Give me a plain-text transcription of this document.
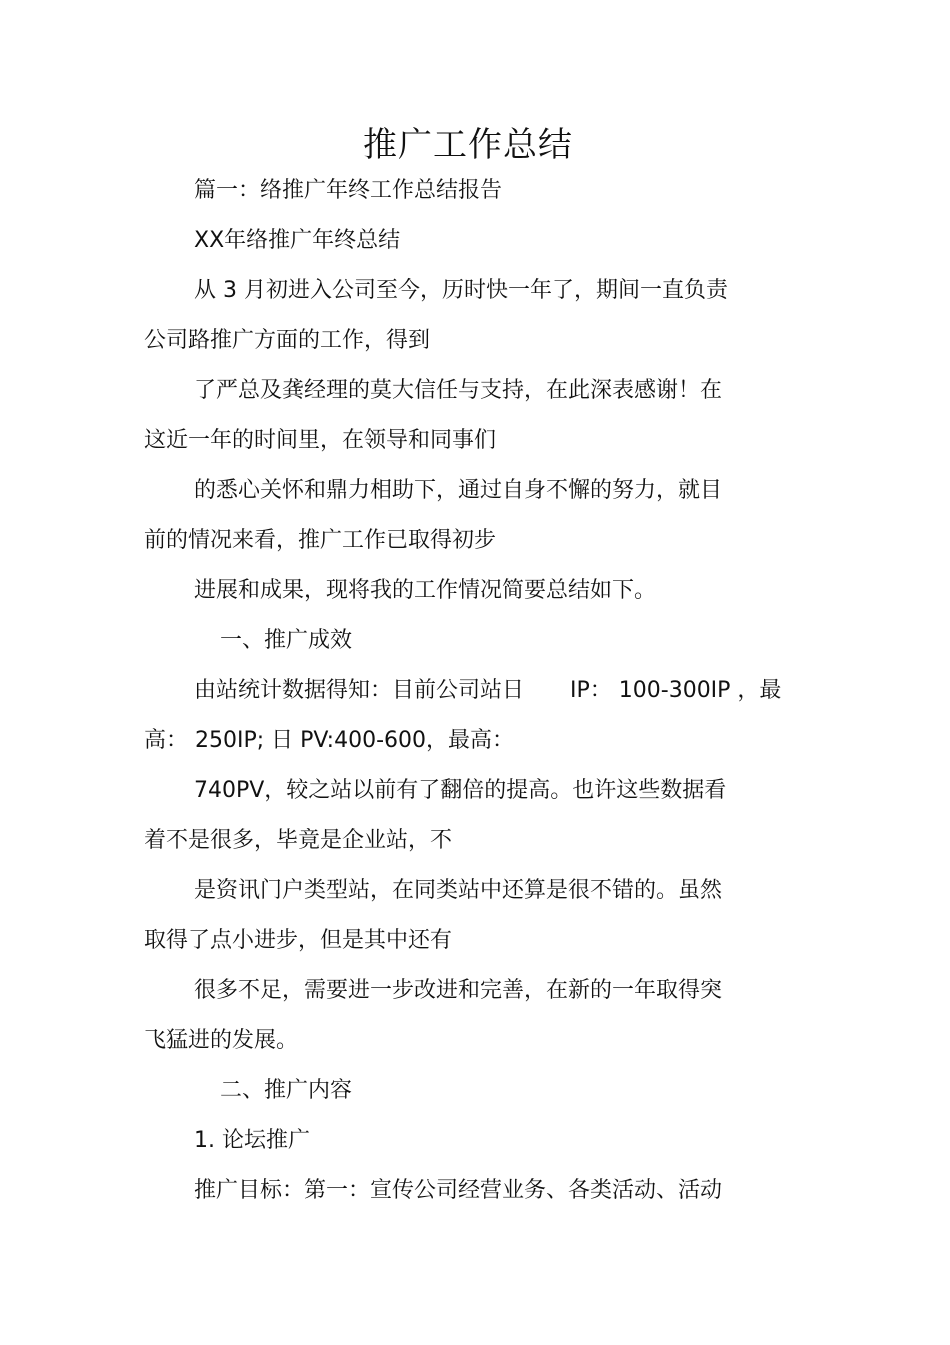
推广工作总结

篇一：络推广年终工作总结报告

XX年络推广年终总结

从 3 月初进入公司至今，历时快一年了，期间一直负责

公司路推广方面的工作，得到

了严总及龚经理的莫大信任与支持，在此深表感谢！在

这近一年的时间里，在领导和同事们

的悉心关怀和鼎力相助下，通过自身不懈的努力，就目

前的情况来看，推广工作已取得初步

进展和成果，现将我的工作情况简要总结如下。

一、推广成效

由站统计数据得知：目前公司站日 IP： 100-300IP ，最

高： 250IP; 日 PV:400-600，最高：

740PV，较之站以前有了翻倍的提高。也许这些数据看

着不是很多，毕竟是企业站，不

是资讯门户类型站，在同类站中还算是很不错的。虽然

取得了点小进步，但是其中还有

很多不足，需要进一步改进和完善，在新的一年取得突

飞猛进的发展。

二、推广内容

1. 论坛推广

推广目标：第一：宣传公司经营业务、各类活动、活动
